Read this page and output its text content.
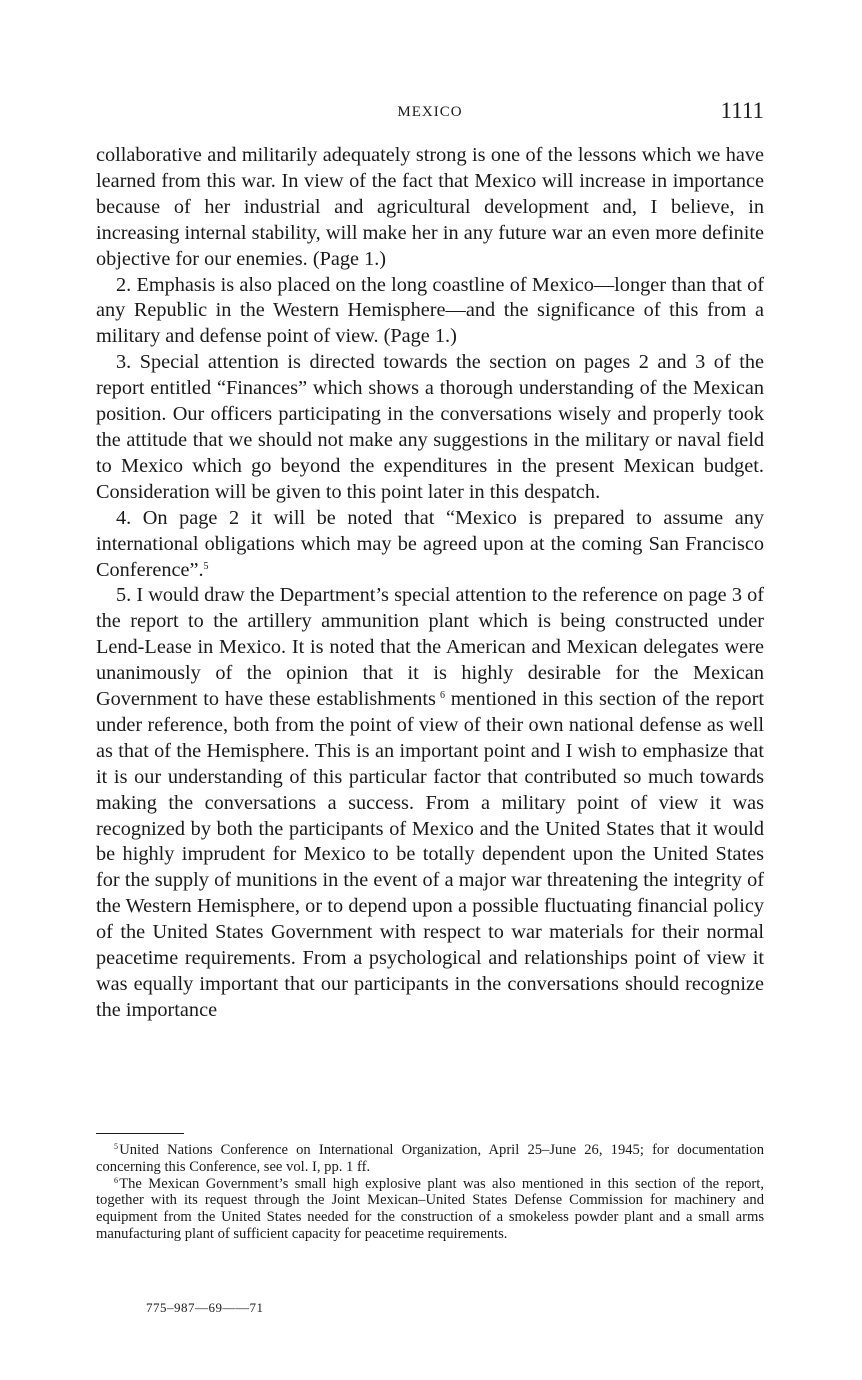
MEXICO	1111

collaborative and militarily adequately strong is one of the lessons which we have learned from this war. In view of the fact that Mexico will increase in importance because of her industrial and agricultural development and, I believe, in increasing internal stability, will make her in any future war an even more definite objective for our enemies. (Page 1.)

2. Emphasis is also placed on the long coastline of Mexico—longer than that of any Republic in the Western Hemisphere—and the significance of this from a military and defense point of view. (Page 1.)

3. Special attention is directed towards the section on pages 2 and 3 of the report entitled “Finances” which shows a thorough understanding of the Mexican position. Our officers participating in the conversations wisely and properly took the attitude that we should not make any suggestions in the military or naval field to Mexico which go beyond the expenditures in the present Mexican budget. Consideration will be given to this point later in this despatch.

4. On page 2 it will be noted that “Mexico is prepared to assume any international obligations which may be agreed upon at the coming San Francisco Conference”.$^5$

5. I would draw the Department’s special attention to the reference on page 3 of the report to the artillery ammunition plant which is being constructed under Lend-Lease in Mexico. It is noted that the American and Mexican delegates were unanimously of the opinion that it is highly desirable for the Mexican Government to have these establishments  $^6$ mentioned in this section of the report under reference, both from the point of view of their own national defense as well as that of the Hemisphere. This is an important point and I wish to emphasize that it is our understanding of this particular factor that contributed so much towards making the conversations a success. From a military point of view it was recognized by both the participants of Mexico and the United States that it would be highly imprudent for Mexico to be totally dependent upon the United States for the supply of munitions in the event of a major war threatening the integrity of the Western Hemisphere, or to depend upon a possible fluctuating financial policy of the United States Government with respect to war materials for their normal peacetime requirements. From a psychological and relationships point of view it was equally important that our participants in the conversations should recognize the importance

$^5$ United Nations Conference on International Organization, April 25–June 26, 1945; for documentation concerning this Conference, see vol. I, pp. 1 ff.

$^6$ The Mexican Government’s small high explosive plant was also mentioned in this section of the report, together with its request through the Joint Mexican–United States Defense Commission for machinery and equipment from the United States needed for the construction of a smokeless powder plant and a small arms manufacturing plant of sufficient capacity for peacetime requirements.

775–987—69——71
